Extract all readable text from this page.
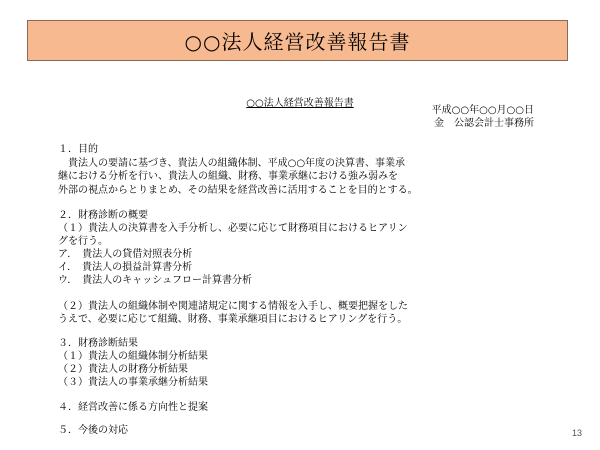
○○法人経営改善報告書
○○法人経営改善報告書
平成○○年○○月○○日
金　公認会計士事務所
１．目的
　貴法人の要請に基づき、貴法人の組織体制、平成○○年度の決算書、事業承
継における分析を行い、貴法人の組織、財務、事業承継における強み弱みを
外部の視点からとりまとめ、その結果を経営改善に活用することを目的とする。
２．財務診断の概要
（１）貴法人の決算書を入手分析し、必要に応じて財務項目におけるヒアリン
グを行う。
ア．　貴法人の貸借対照表分析
イ．　貴法人の損益計算書分析
ウ．　貴法人のキャッシュフロー計算書分析
（２）貴法人の組織体制や関連諸規定に関する情報を入手し、概要把握をした
うえで、必要に応じて組織、財務、事業承継項目におけるヒアリングを行う。
３．財務診断結果
（１）貴法人の組織体制分析結果
（２）貴法人の財務分析結果
（３）貴法人の事業承継分析結果
４．経営改善に係る方向性と提案
５．今後の対応	13
